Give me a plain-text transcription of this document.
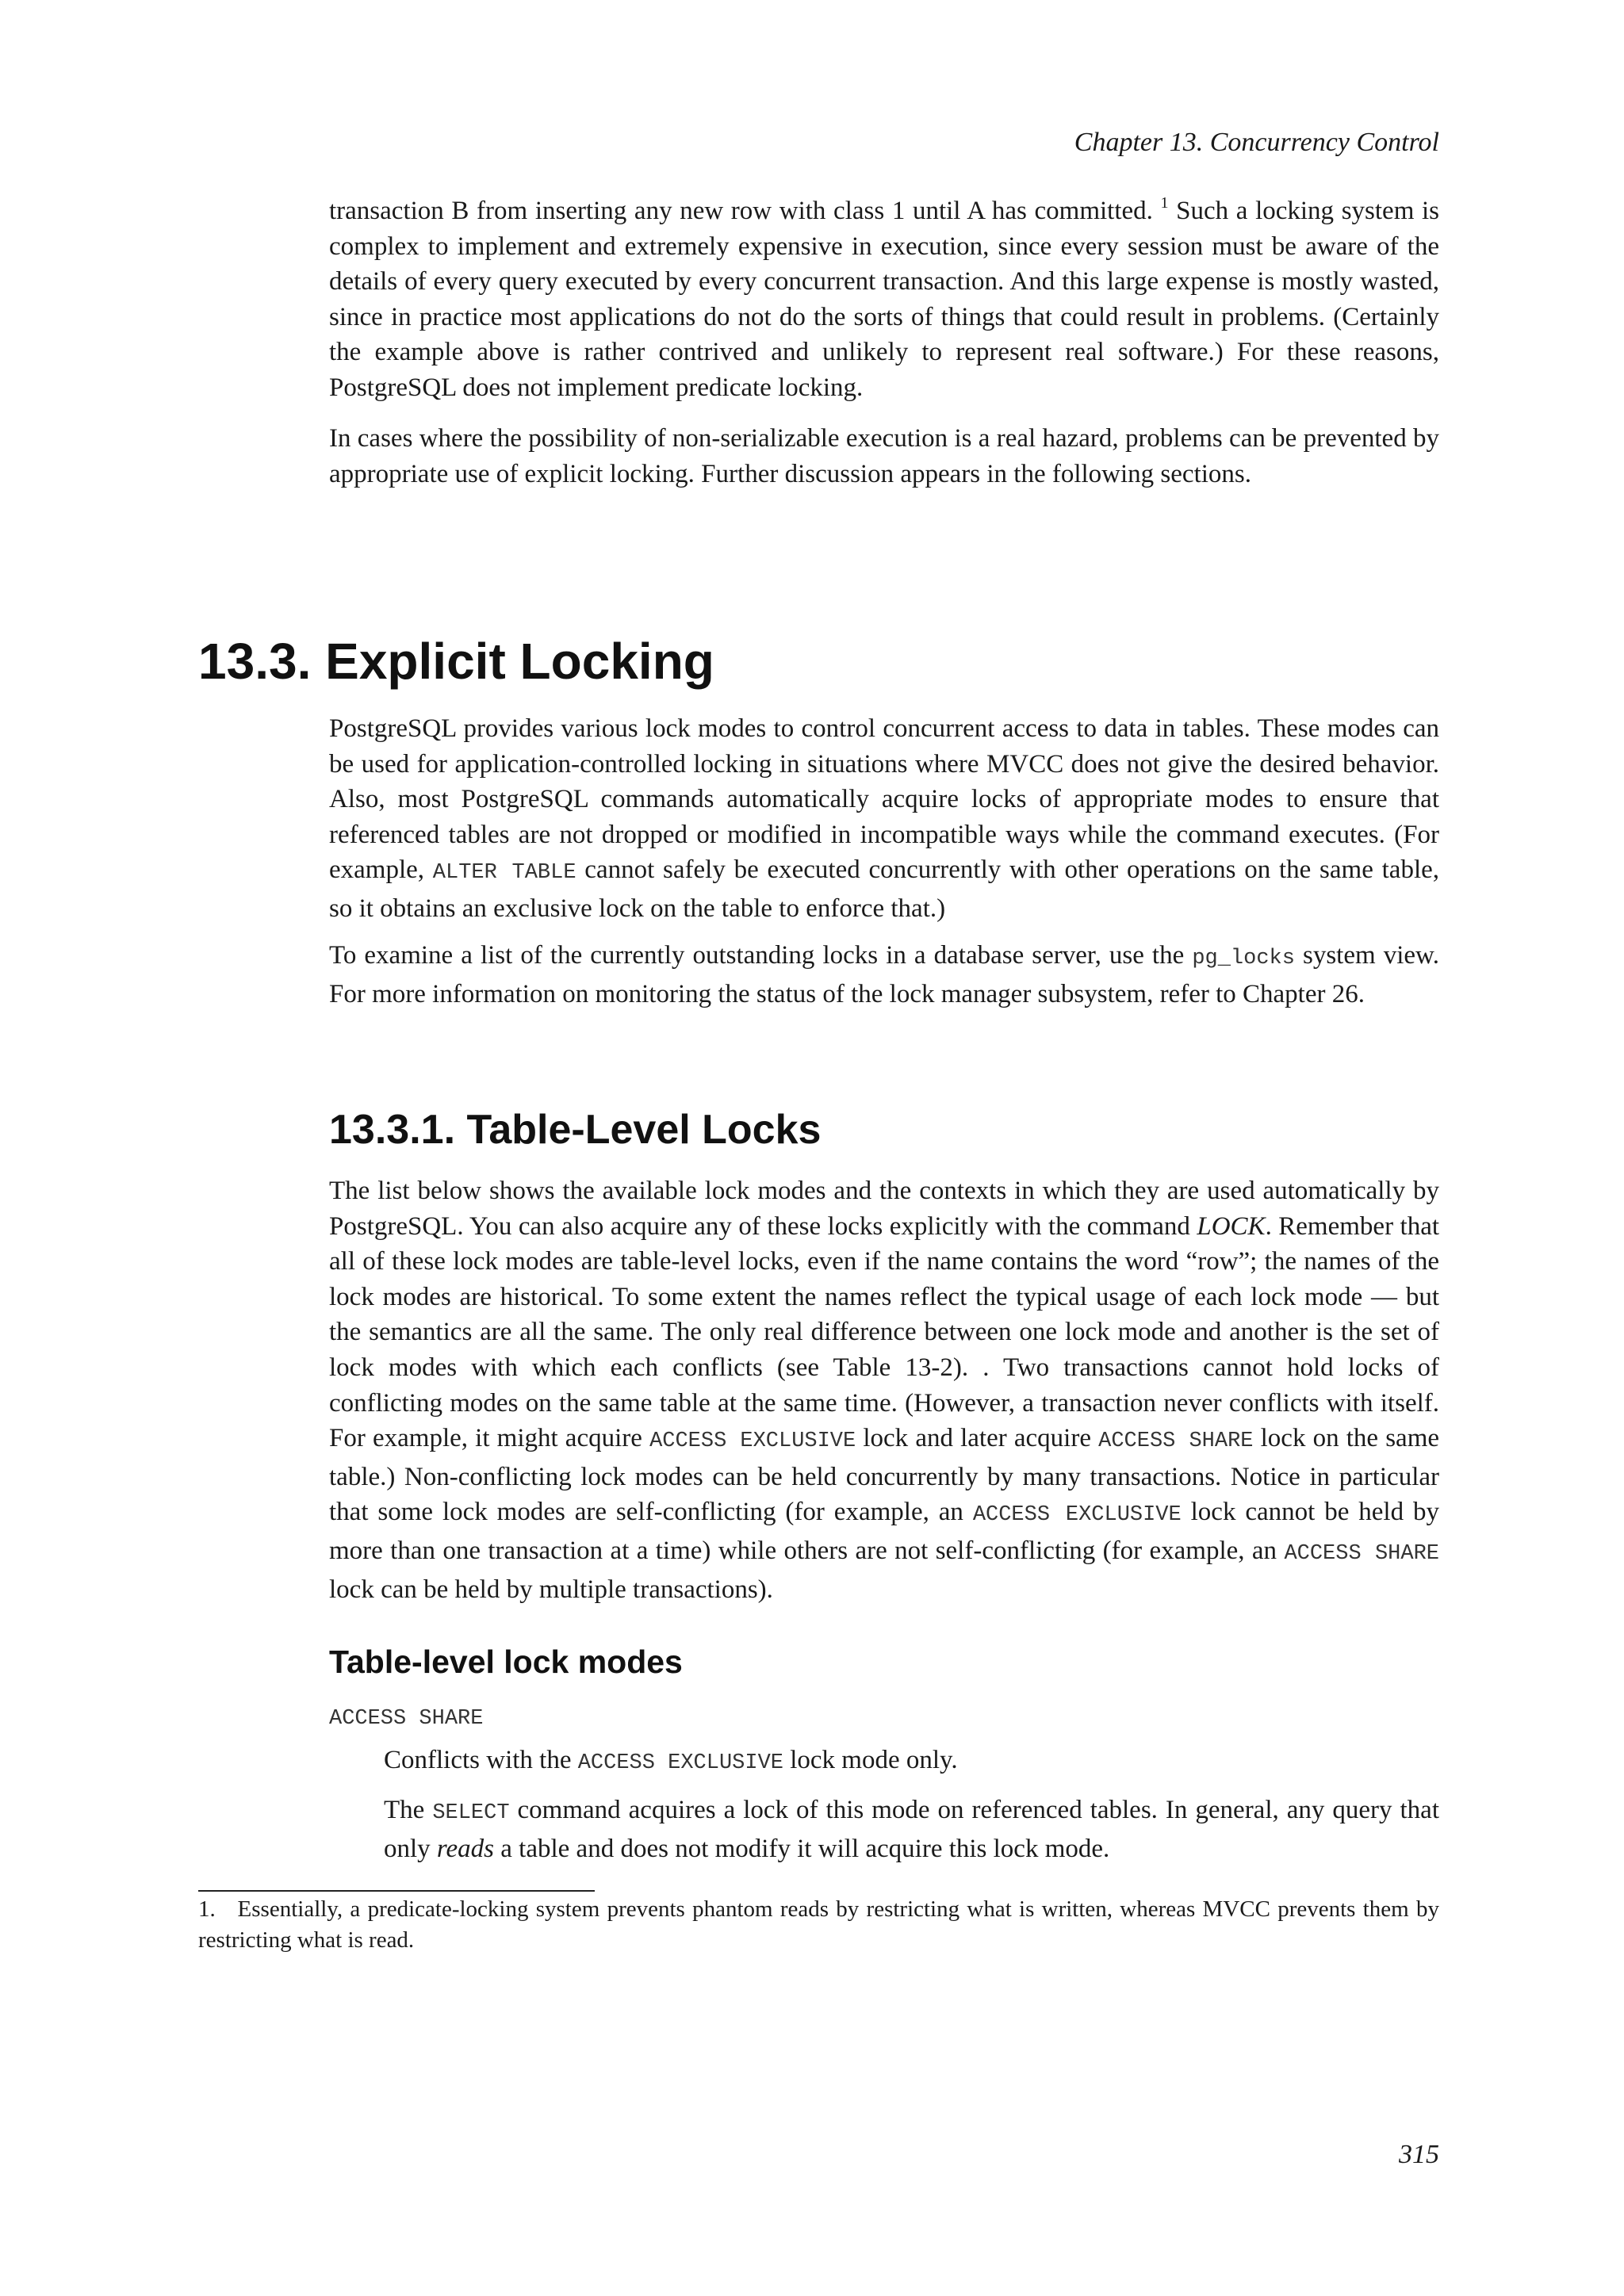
Chapter 13. Concurrency Control

transaction B from inserting any new row with class 1 until A has committed. $^1$ Such a locking system is complex to implement and extremely expensive in execution, since every session must be aware of the details of every query executed by every concurrent transaction. And this large expense is mostly wasted, since in practice most applications do not do the sorts of things that could result in problems. (Certainly the example above is rather contrived and unlikely to represent real software.) For these reasons, PostgreSQL does not implement predicate locking.

In cases where the possibility of non-serializable execution is a real hazard, problems can be prevented by appropriate use of explicit locking. Further discussion appears in the following sections.

13.3. Explicit Locking

PostgreSQL provides various lock modes to control concurrent access to data in tables. These modes can be used for application-controlled locking in situations where MVCC does not give the desired behavior. Also, most PostgreSQL commands automatically acquire locks of appropriate modes to ensure that referenced tables are not dropped or modified in incompatible ways while the command executes. (For example, ALTER TABLE cannot safely be executed concurrently with other operations on the same table, so it obtains an exclusive lock on the table to enforce that.)

To examine a list of the currently outstanding locks in a database server, use the pg_locks system view. For more information on monitoring the status of the lock manager subsystem, refer to Chapter 26.

13.3.1. Table-Level Locks

The list below shows the available lock modes and the contexts in which they are used automatically by PostgreSQL. You can also acquire any of these locks explicitly with the command LOCK. Remember that all of these lock modes are table-level locks, even if the name contains the word “row”; the names of the lock modes are historical. To some extent the names reflect the typical usage of each lock mode — but the semantics are all the same. The only real difference between one lock mode and another is the set of lock modes with which each conflicts (see Table 13-2). . Two transactions cannot hold locks of conflicting modes on the same table at the same time. (However, a transaction never conflicts with itself. For example, it might acquire ACCESS EXCLUSIVE lock and later acquire ACCESS SHARE lock on the same table.) Non-conflicting lock modes can be held concurrently by many transactions. Notice in particular that some lock modes are self-conflicting (for example, an ACCESS EXCLUSIVE lock cannot be held by more than one transaction at a time) while others are not self-conflicting (for example, an ACCESS SHARE lock can be held by multiple transactions).

Table-level lock modes
ACCESS SHARE

Conflicts with the ACCESS EXCLUSIVE lock mode only.

The SELECT command acquires a lock of this mode on referenced tables. In general, any query that only reads a table and does not modify it will acquire this lock mode.

1. Essentially, a predicate-locking system prevents phantom reads by restricting what is written, whereas MVCC prevents them by restricting what is read.

315
